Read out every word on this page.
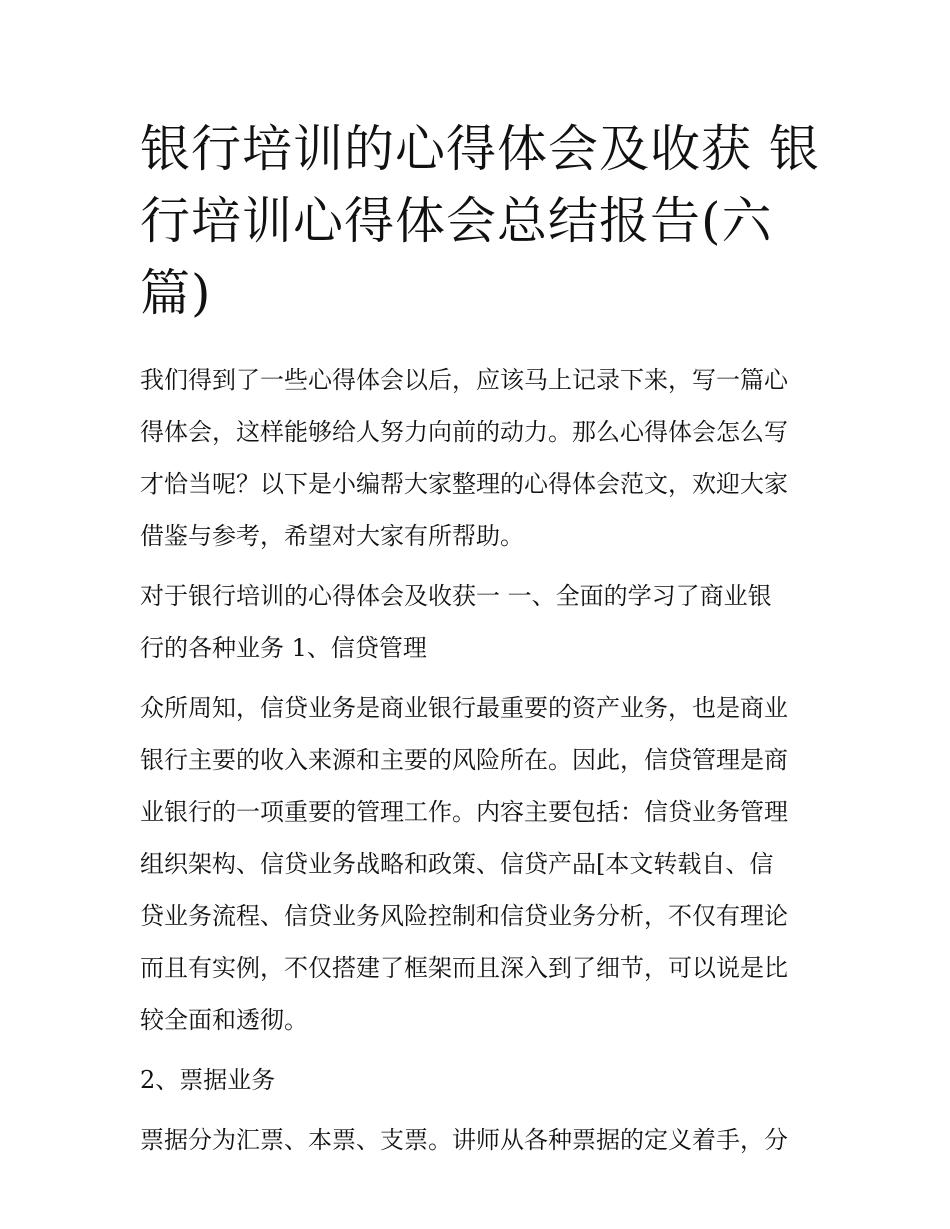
银行培训的心得体会及收获 银
行培训心得体会总结报告(六
篇)
我们得到了一些心得体会以后，应该马上记录下来，写一篇心
得体会，这样能够给人努力向前的动力。那么心得体会怎么写
才恰当呢？以下是小编帮大家整理的心得体会范文，欢迎大家
借鉴与参考，希望对大家有所帮助。
对于银行培训的心得体会及收获一 一、全面的学习了商业银
行的各种业务 1、信贷管理
众所周知，信贷业务是商业银行最重要的资产业务，也是商业
银行主要的收入来源和主要的风险所在。因此，信贷管理是商
业银行的一项重要的管理工作。内容主要包括：信贷业务管理
组织架构、信贷业务战略和政策、信贷产品[本文转载自、信
贷业务流程、信贷业务风险控制和信贷业务分析，不仅有理论
而且有实例，不仅搭建了框架而且深入到了细节，可以说是比
较全面和透彻。
2、票据业务
票据分为汇票、本票、支票。讲师从各种票据的定义着手，分
